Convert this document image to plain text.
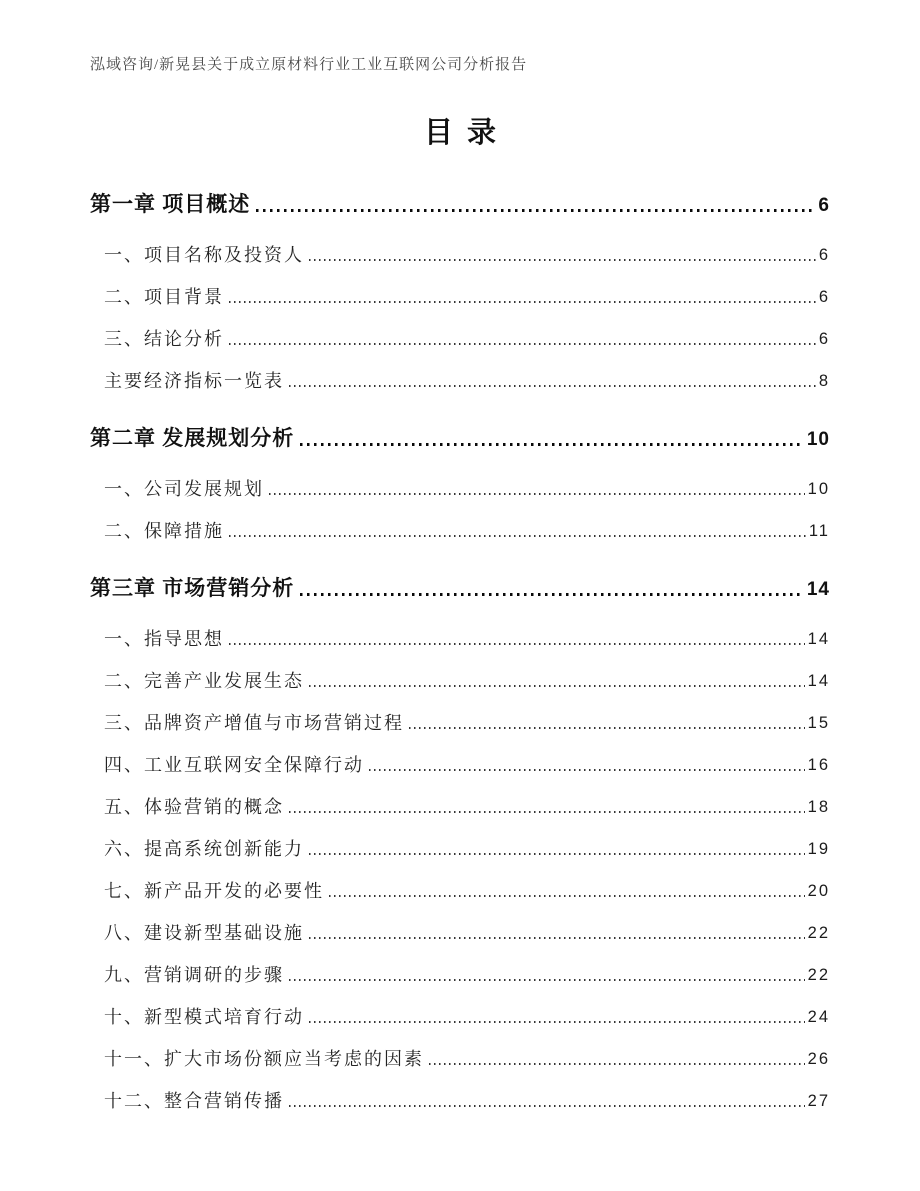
泓域咨询/新晃县关于成立原材料行业工业互联网公司分析报告
目录
第一章 项目概述	6
一、项目名称及投资人	6
二、项目背景	6
三、结论分析	6
主要经济指标一览表	8
第二章 发展规划分析	10
一、公司发展规划	10
二、保障措施	11
第三章 市场营销分析	14
一、指导思想	14
二、完善产业发展生态	14
三、品牌资产增值与市场营销过程	15
四、工业互联网安全保障行动	16
五、体验营销的概念	18
六、提高系统创新能力	19
七、新产品开发的必要性	20
八、建设新型基础设施	22
九、营销调研的步骤	22
十、新型模式培育行动	24
十一、扩大市场份额应当考虑的因素	26
十二、整合营销传播	27
